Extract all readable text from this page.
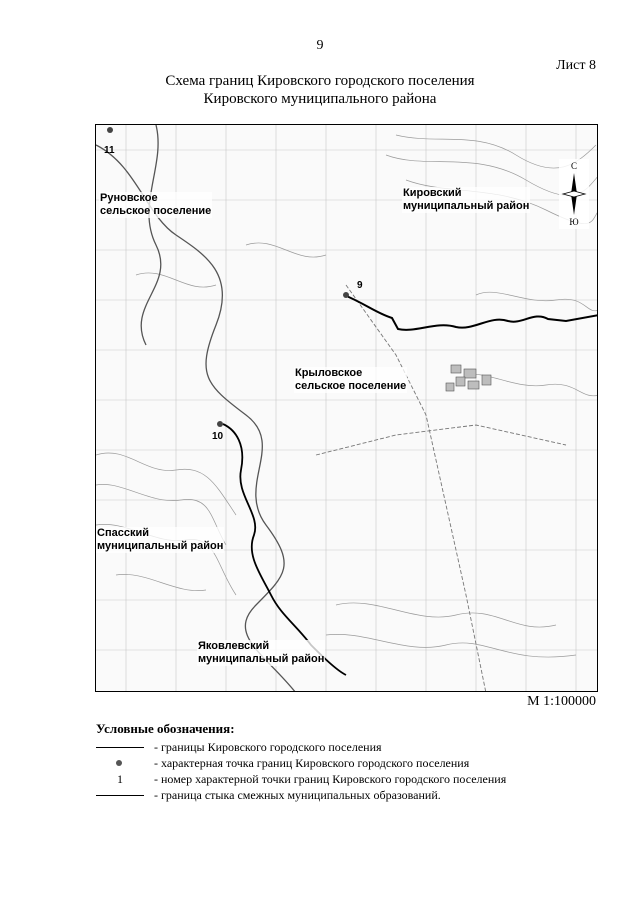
9
Лист 8
Схема границ Кировского городского поселения
Кировского муниципального района
11
9
10
Руновское
сельское поселение
Кировский
муниципальный район
Крыловское
сельское поселение
Спасский
муниципальный район
Яковлевский
муниципальный район
С
Ю
М 1:100000
Условные обозначения:
- границы Кировского городского поселения
- характерная точка границ Кировского городского поселения
1	- номер характерной точки границ Кировского городского поселения
- граница стыка смежных муниципальных образований.
